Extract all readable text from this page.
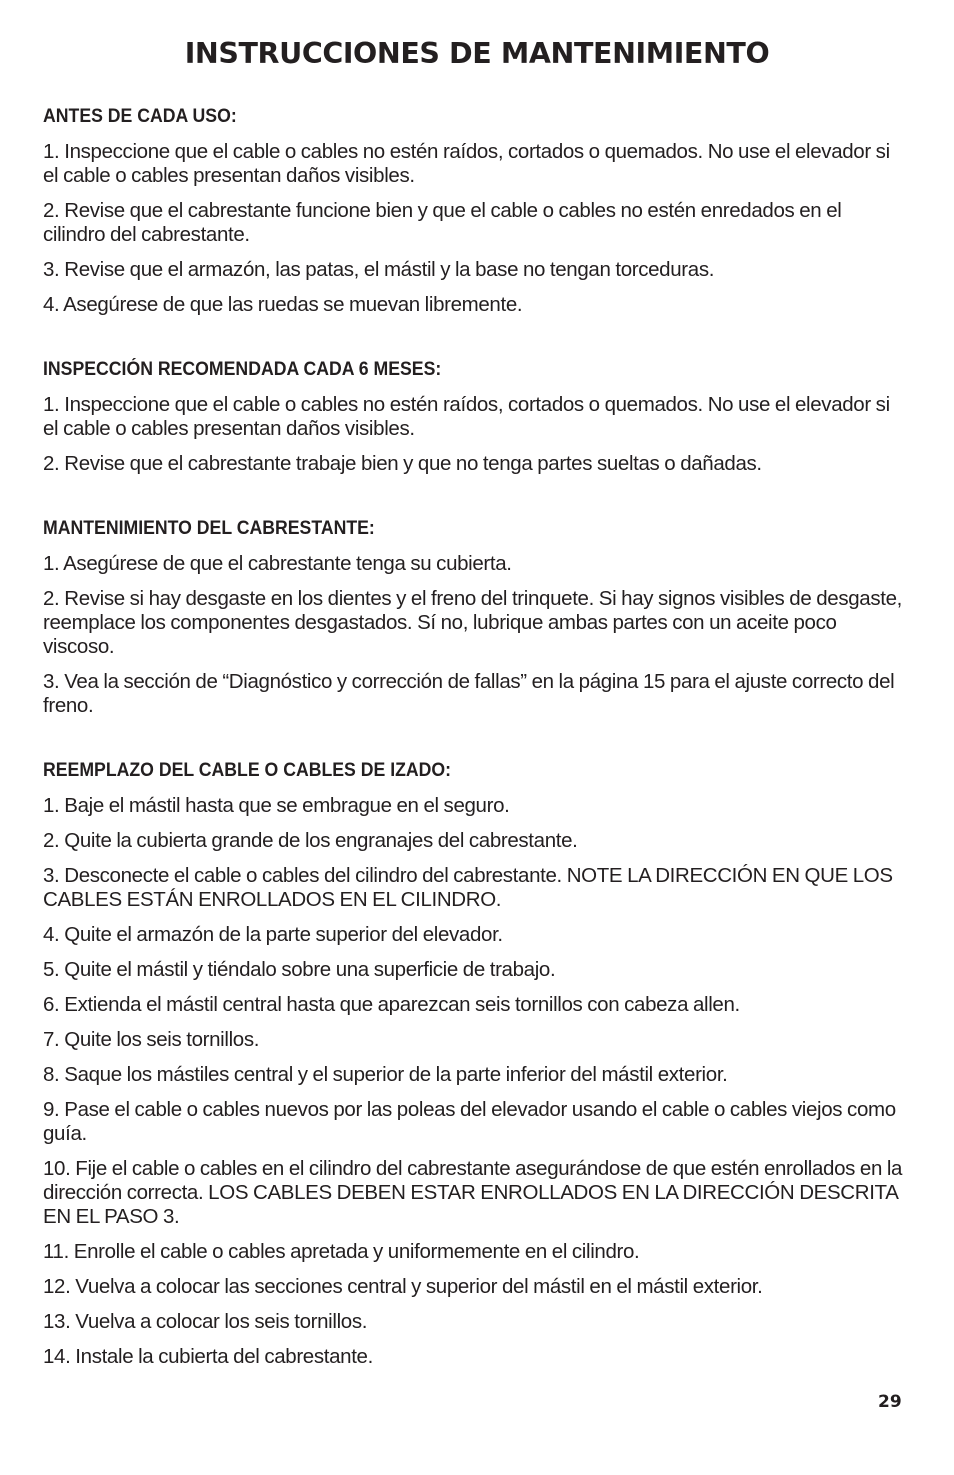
INSTRUCCIONES DE MANTENIMIENTO
ANTES DE CADA USO:

1. Inspeccione que el cable o cables no estén raídos, cortados o quemados. No use el elevador si el cable o cables presentan daños visibles.

2. Revise que el cabrestante funcione bien y que el cable o cables no estén enredados en el cilindro del cabrestante.

3. Revise que el armazón, las patas, el mástil y la base no tengan torceduras.

4. Asegúrese de que las ruedas se muevan libremente.

INSPECCIÓN RECOMENDADA CADA 6 MESES:

1. Inspeccione que el cable o cables no estén raídos, cortados o quemados. No use el elevador si el cable o cables presentan daños visibles.

2. Revise que el cabrestante trabaje bien y que no tenga partes sueltas o dañadas.

MANTENIMIENTO DEL CABRESTANTE:

1. Asegúrese de que el cabrestante tenga su cubierta.

2. Revise si hay desgaste en los dientes y el freno del trinquete. Si hay signos visibles de desgaste, reemplace los componentes desgastados. Sí no, lubrique ambas partes con un aceite poco viscoso.

3. Vea la sección de “Diagnóstico y corrección de fallas” en la página 15 para el ajuste correcto del freno.

REEMPLAZO DEL CABLE O CABLES DE IZADO:

1. Baje el mástil hasta que se embrague en el seguro.

2. Quite la cubierta grande de los engranajes del cabrestante.

3. Desconecte el cable o cables del cilindro del cabrestante. NOTE LA DIRECCIÓN EN QUE LOS CABLES ESTÁN ENROLLADOS EN EL CILINDRO.

4. Quite el armazón de la parte superior del elevador.

5. Quite el mástil y tiéndalo sobre una superficie de trabajo.

6. Extienda el mástil central hasta que aparezcan seis tornillos con cabeza allen.

7. Quite los seis tornillos.

8. Saque los mástiles central y el superior de la parte inferior del mástil exterior.

9. Pase el cable o cables nuevos por las poleas del elevador usando el cable o cables viejos como guía.

10. Fije el cable o cables en el cilindro del cabrestante asegurándose de que estén enrollados en la dirección correcta. LOS CABLES DEBEN ESTAR ENROLLADOS EN LA DIRECCIÓN DESCRITA EN EL PASO 3.

11. Enrolle el cable o cables apretada y uniformemente en el cilindro.

12. Vuelva a colocar las secciones central y superior del mástil en el mástil exterior.

13. Vuelva a colocar los seis tornillos.

14. Instale la cubierta del cabrestante.

29
